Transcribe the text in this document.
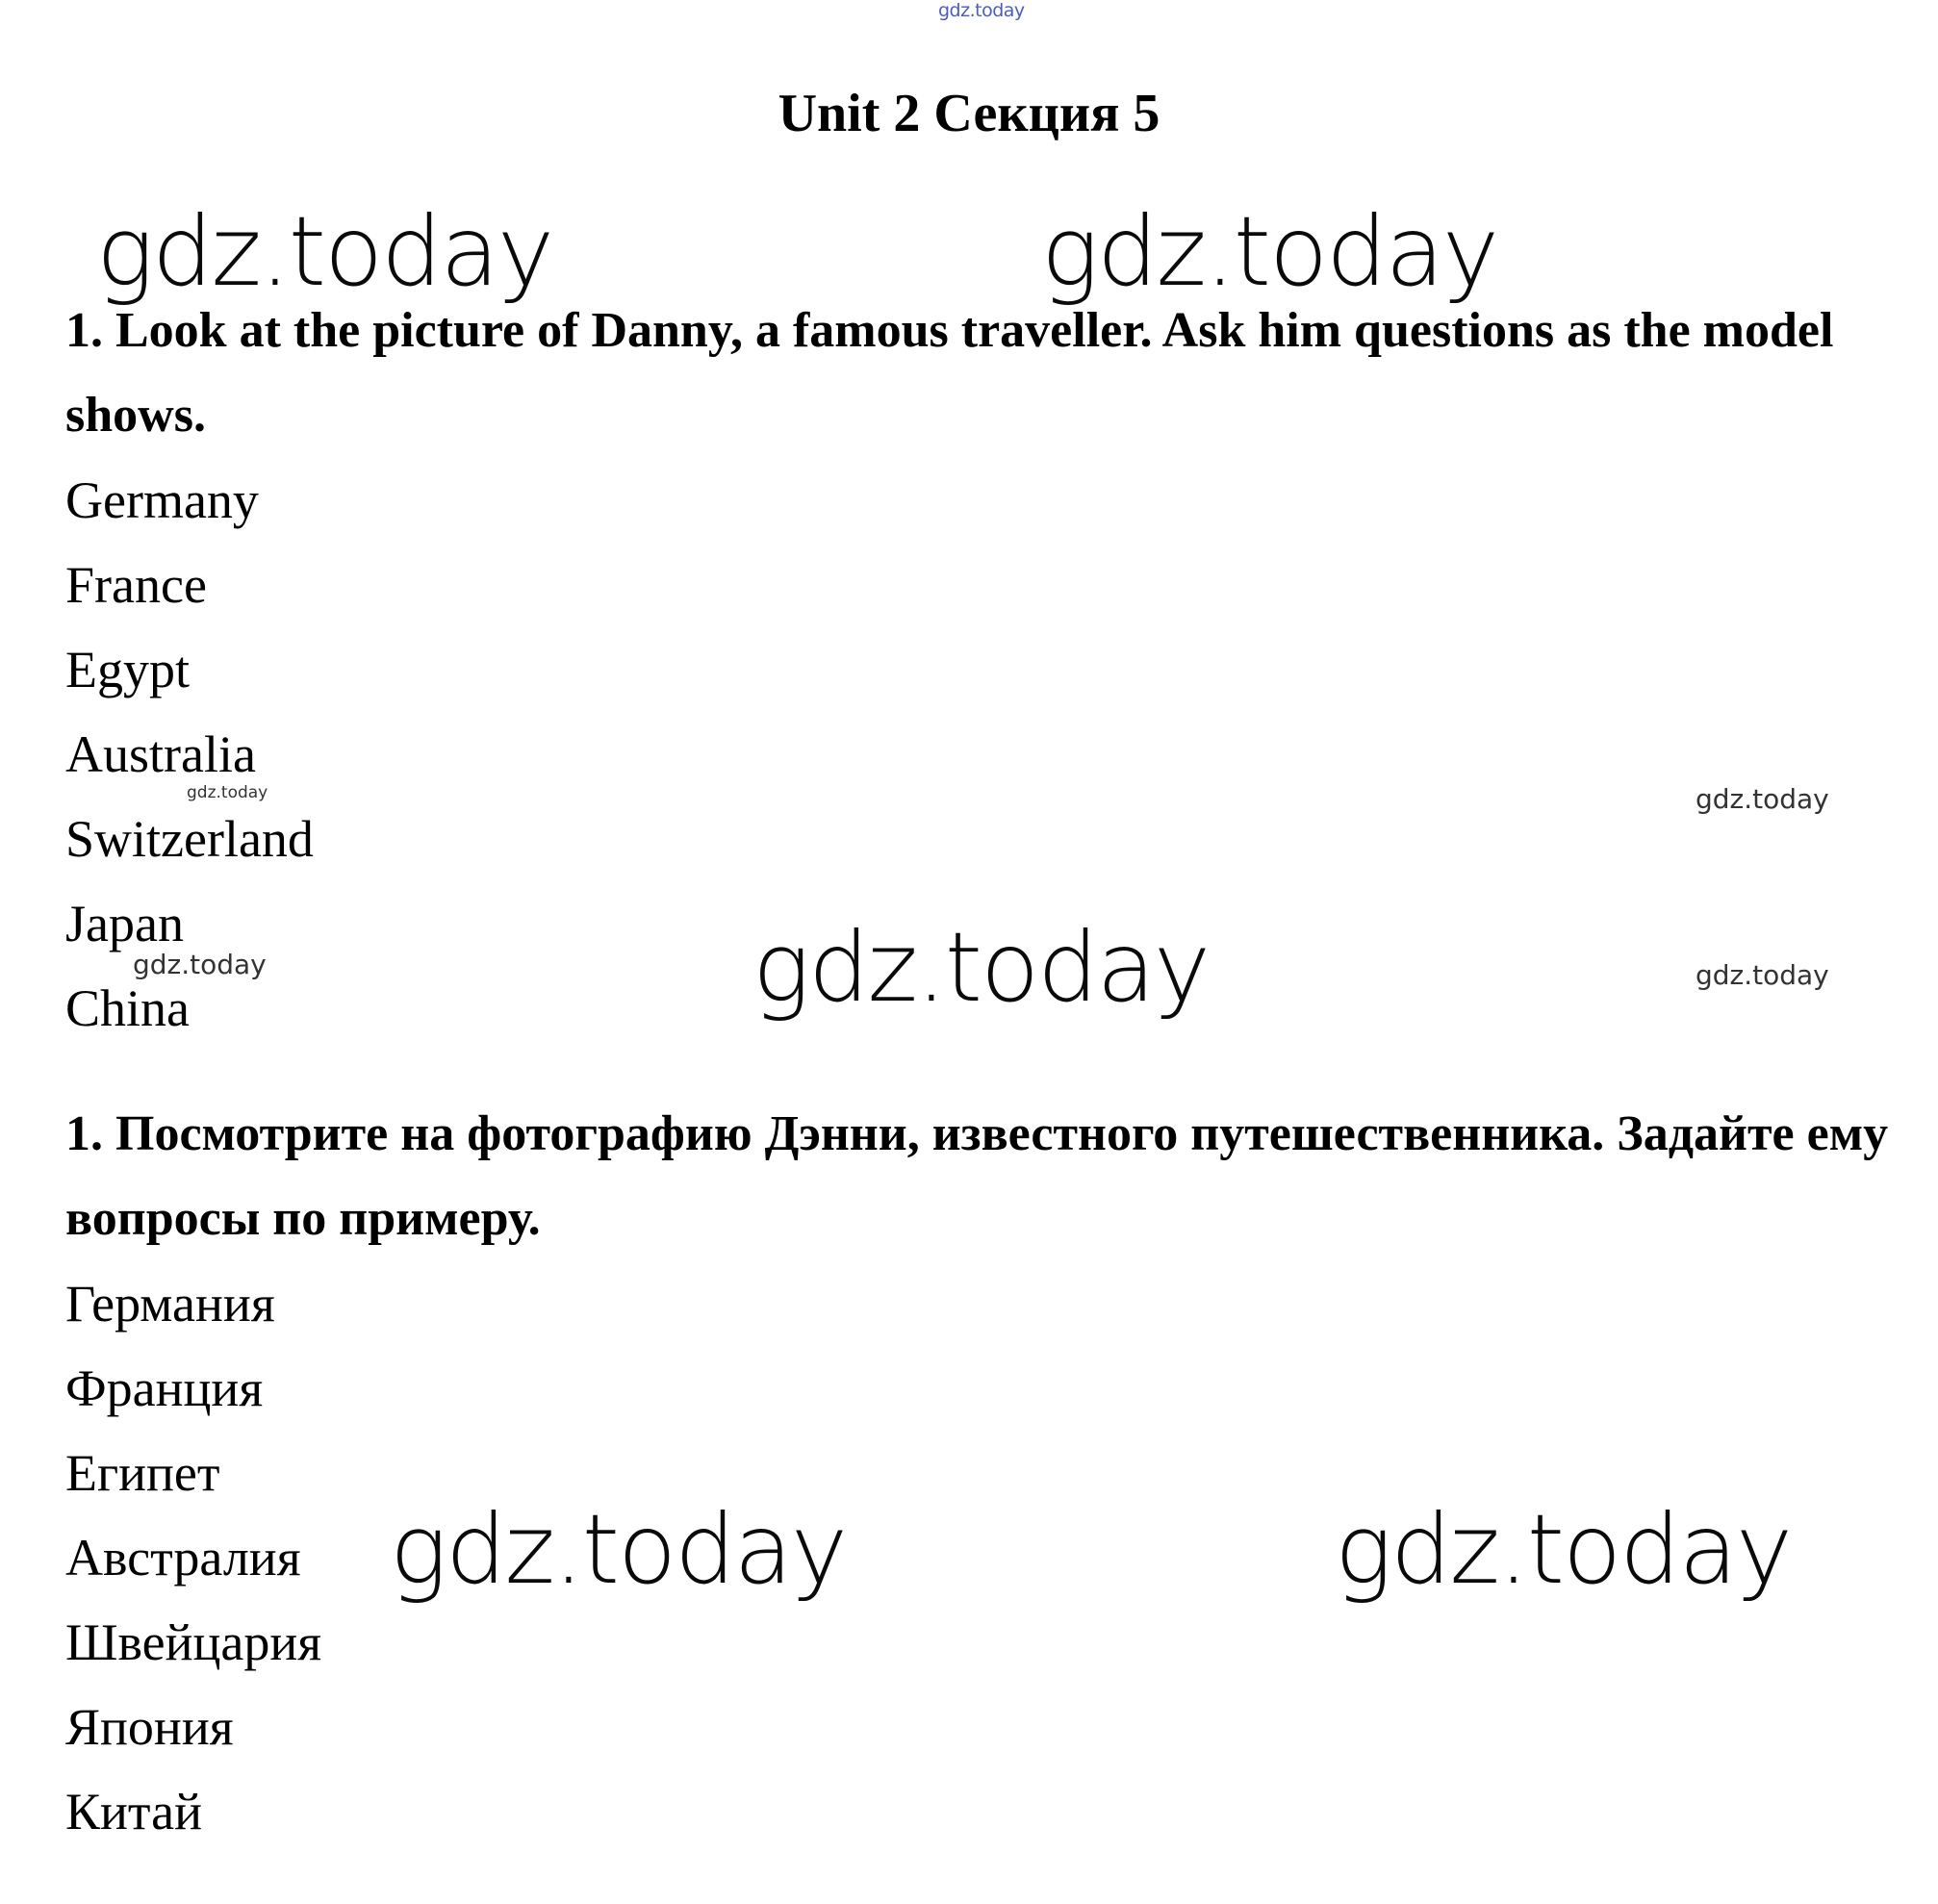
gdz.today
gdz.today	gdz.today
gdz.today
gdz.today	gdz.today
gdz.today	gdz.today
gdz.today	gdz.today
Unit 2 Секция 5

1. Look at the picture of Danny, a famous traveller. Ask him questions as the model shows.

Germany
France
Egypt
Australia
Switzerland
Japan
China

1. Посмотрите на фотографию Дэнни, известного путешественника. Задайте ему вопросы по примеру.

Германия
Франция
Египет
Австралия
Швейцария
Япония
Китай
